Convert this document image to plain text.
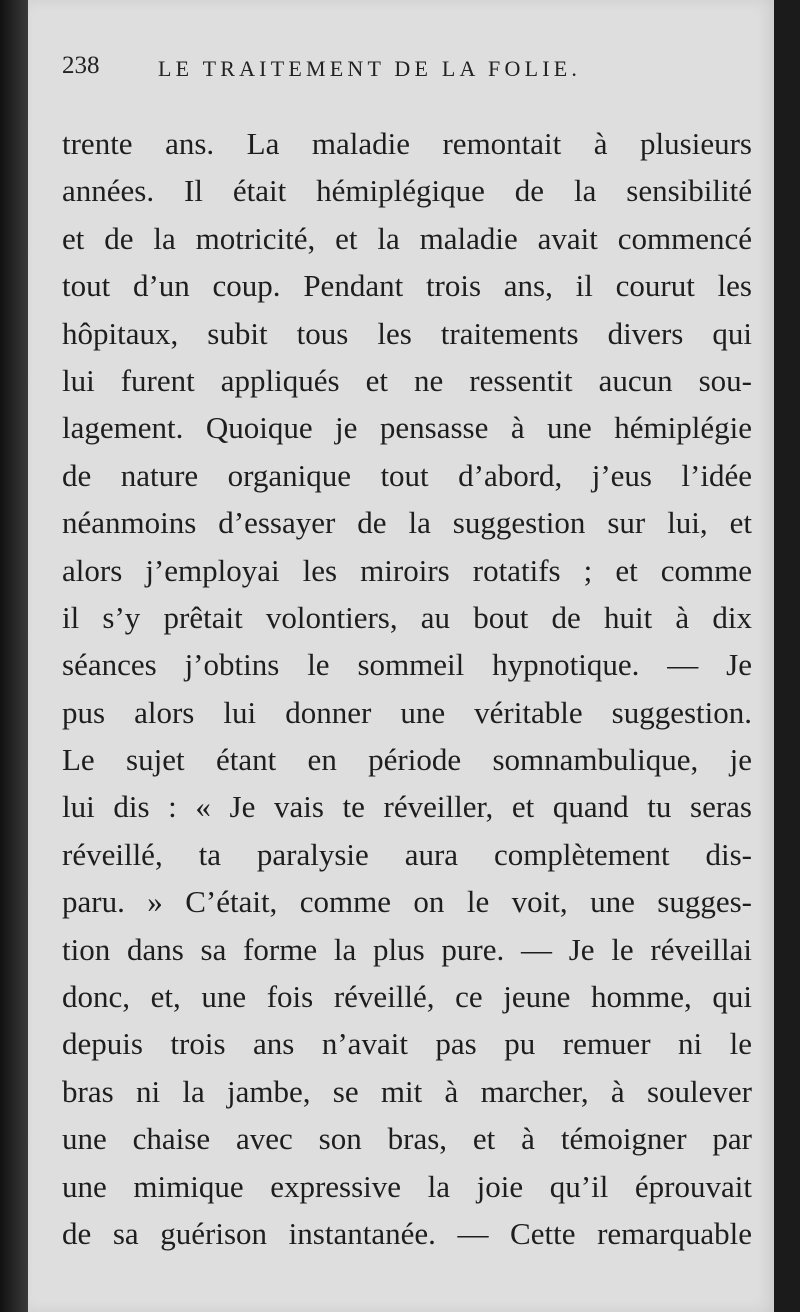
238	LE TRAITEMENT DE LA FOLIE.
trente ans. La maladie remontait à plusieurs
années. Il était hémiplégique de la sensibilité
et de la motricité, et la maladie avait commencé
tout d’un coup. Pendant trois ans, il courut les
hôpitaux, subit tous les traitements divers qui
lui furent appliqués et ne ressentit aucun sou-
lagement. Quoique je pensasse à une hémiplégie
de nature organique tout d’abord, j’eus l’idée
néanmoins d’essayer de la suggestion sur lui, et
alors j’employai les miroirs rotatifs ; et comme
il s’y prêtait volontiers, au bout de huit à dix
séances j’obtins le sommeil hypnotique. — Je
pus alors lui donner une véritable suggestion.
Le sujet étant en période somnambulique, je
lui dis : « Je vais te réveiller, et quand tu seras
réveillé, ta paralysie aura complètement dis-
paru. » C’était, comme on le voit, une sugges-
tion dans sa forme la plus pure. — Je le réveillai
donc, et, une fois réveillé, ce jeune homme, qui
depuis trois ans n’avait pas pu remuer ni le
bras ni la jambe, se mit à marcher, à soulever
une chaise avec son bras, et à témoigner par
une mimique expressive la joie qu’il éprouvait
de sa guérison instantanée. — Cette remarquable
